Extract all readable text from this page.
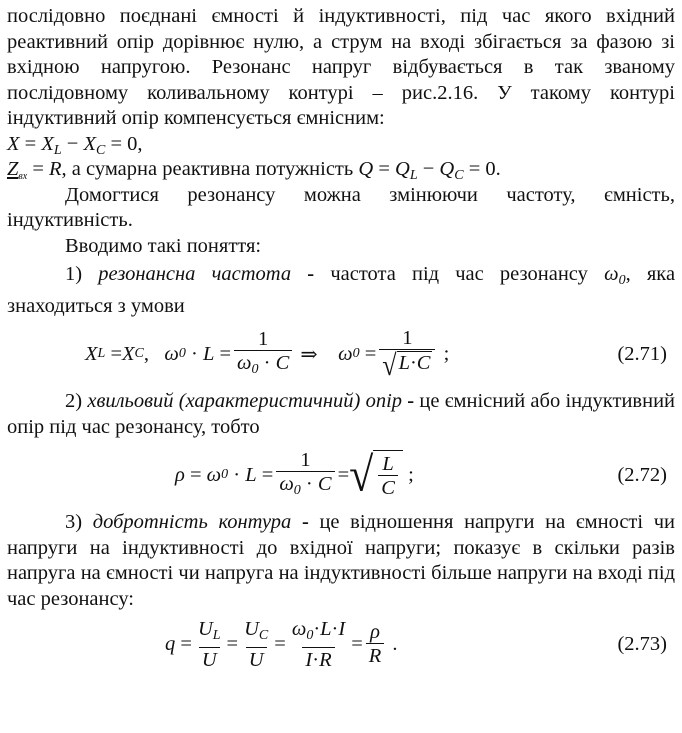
послідовно поєднані ємності й індуктивності, під час якого вхідний реактивний опір дорівнює нулю, а струм на вході збігається за фазою зі вхідною напругою. Резонанс напруг відбувається в так званому послідовному коливальному контурі – рис.2.16. У такому контурі індуктивний опір компенсується ємнісним:

$X = X_L - X_C = 0$,
$Z_{вх} = R$, а сумарна реактивна потужність $Q = Q_L - Q_C = 0$.

Домогтися резонансу можна змінюючи частоту, ємність, індуктивність.

Вводимо такі поняття:

1) резонансна частота - частота під час резонансу $\omega_0$, яка знаходиться з умови

X L = X C , ω $0 \cdot L = \frac{1}{\omega_0 \cdot C}$ ⇒ ω $0 = \frac{1}{√ L\cdot C}$ ;	(2.71)

2) хвильовий (характеристичний) опір - це ємнісний або індуктивний опір під час резонансу, тобто

ρ = ω $0 \cdot L = \frac{1}{\omega_0 \cdot C}$ = √ $\frac{L}{C}$ ;	(2.72)

3) добротність контура - це відношення напруги на ємності чи напруги на індуктивності до вхідної напруги; показує в скільки разів напруга на ємності чи напруга на індуктивності більше напруги на вході під час резонансу:

$q = \frac{U_L}{U} = \frac{U_C}{U} = \frac{\omega_0\cdot L\cdot I}{I\cdot R} = \frac{\rho}{R}$ .	(2.73)
